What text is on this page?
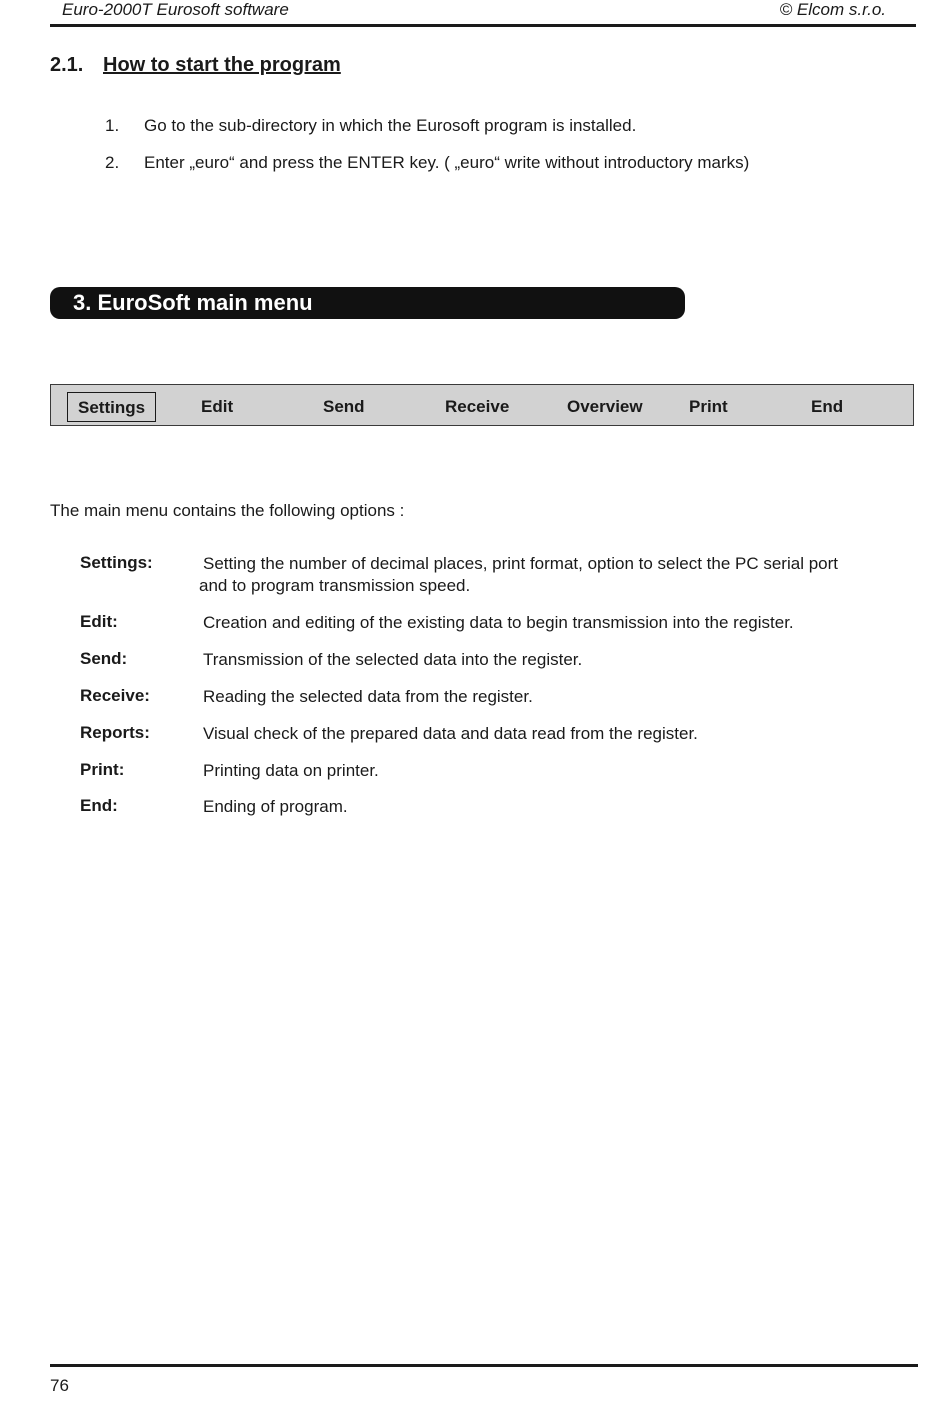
Euro-2000T Eurosoft software	© Elcom s.r.o.
2.1. How to start the program
1. Go to the sub-directory in which the Eurosoft program is installed.
2. Enter „euro“ and press the ENTER key. ( „euro“ write without introductory marks)
3. EuroSoft main menu
Settings	Edit	Send	Receive	Overview	Print	End
The main menu contains the following options :
Settings:	Setting the number of decimal places, print format, option to select the PC serial port
and to program transmission speed.
Edit:	Creation and editing of the existing data to begin transmission into the register.
Send:	Transmission of the selected data into the register.
Receive:	Reading the selected data from the register.
Reports:	Visual check of the prepared data and data read from the register.
Print:	Printing data on printer.
End:	Ending of program.
76
